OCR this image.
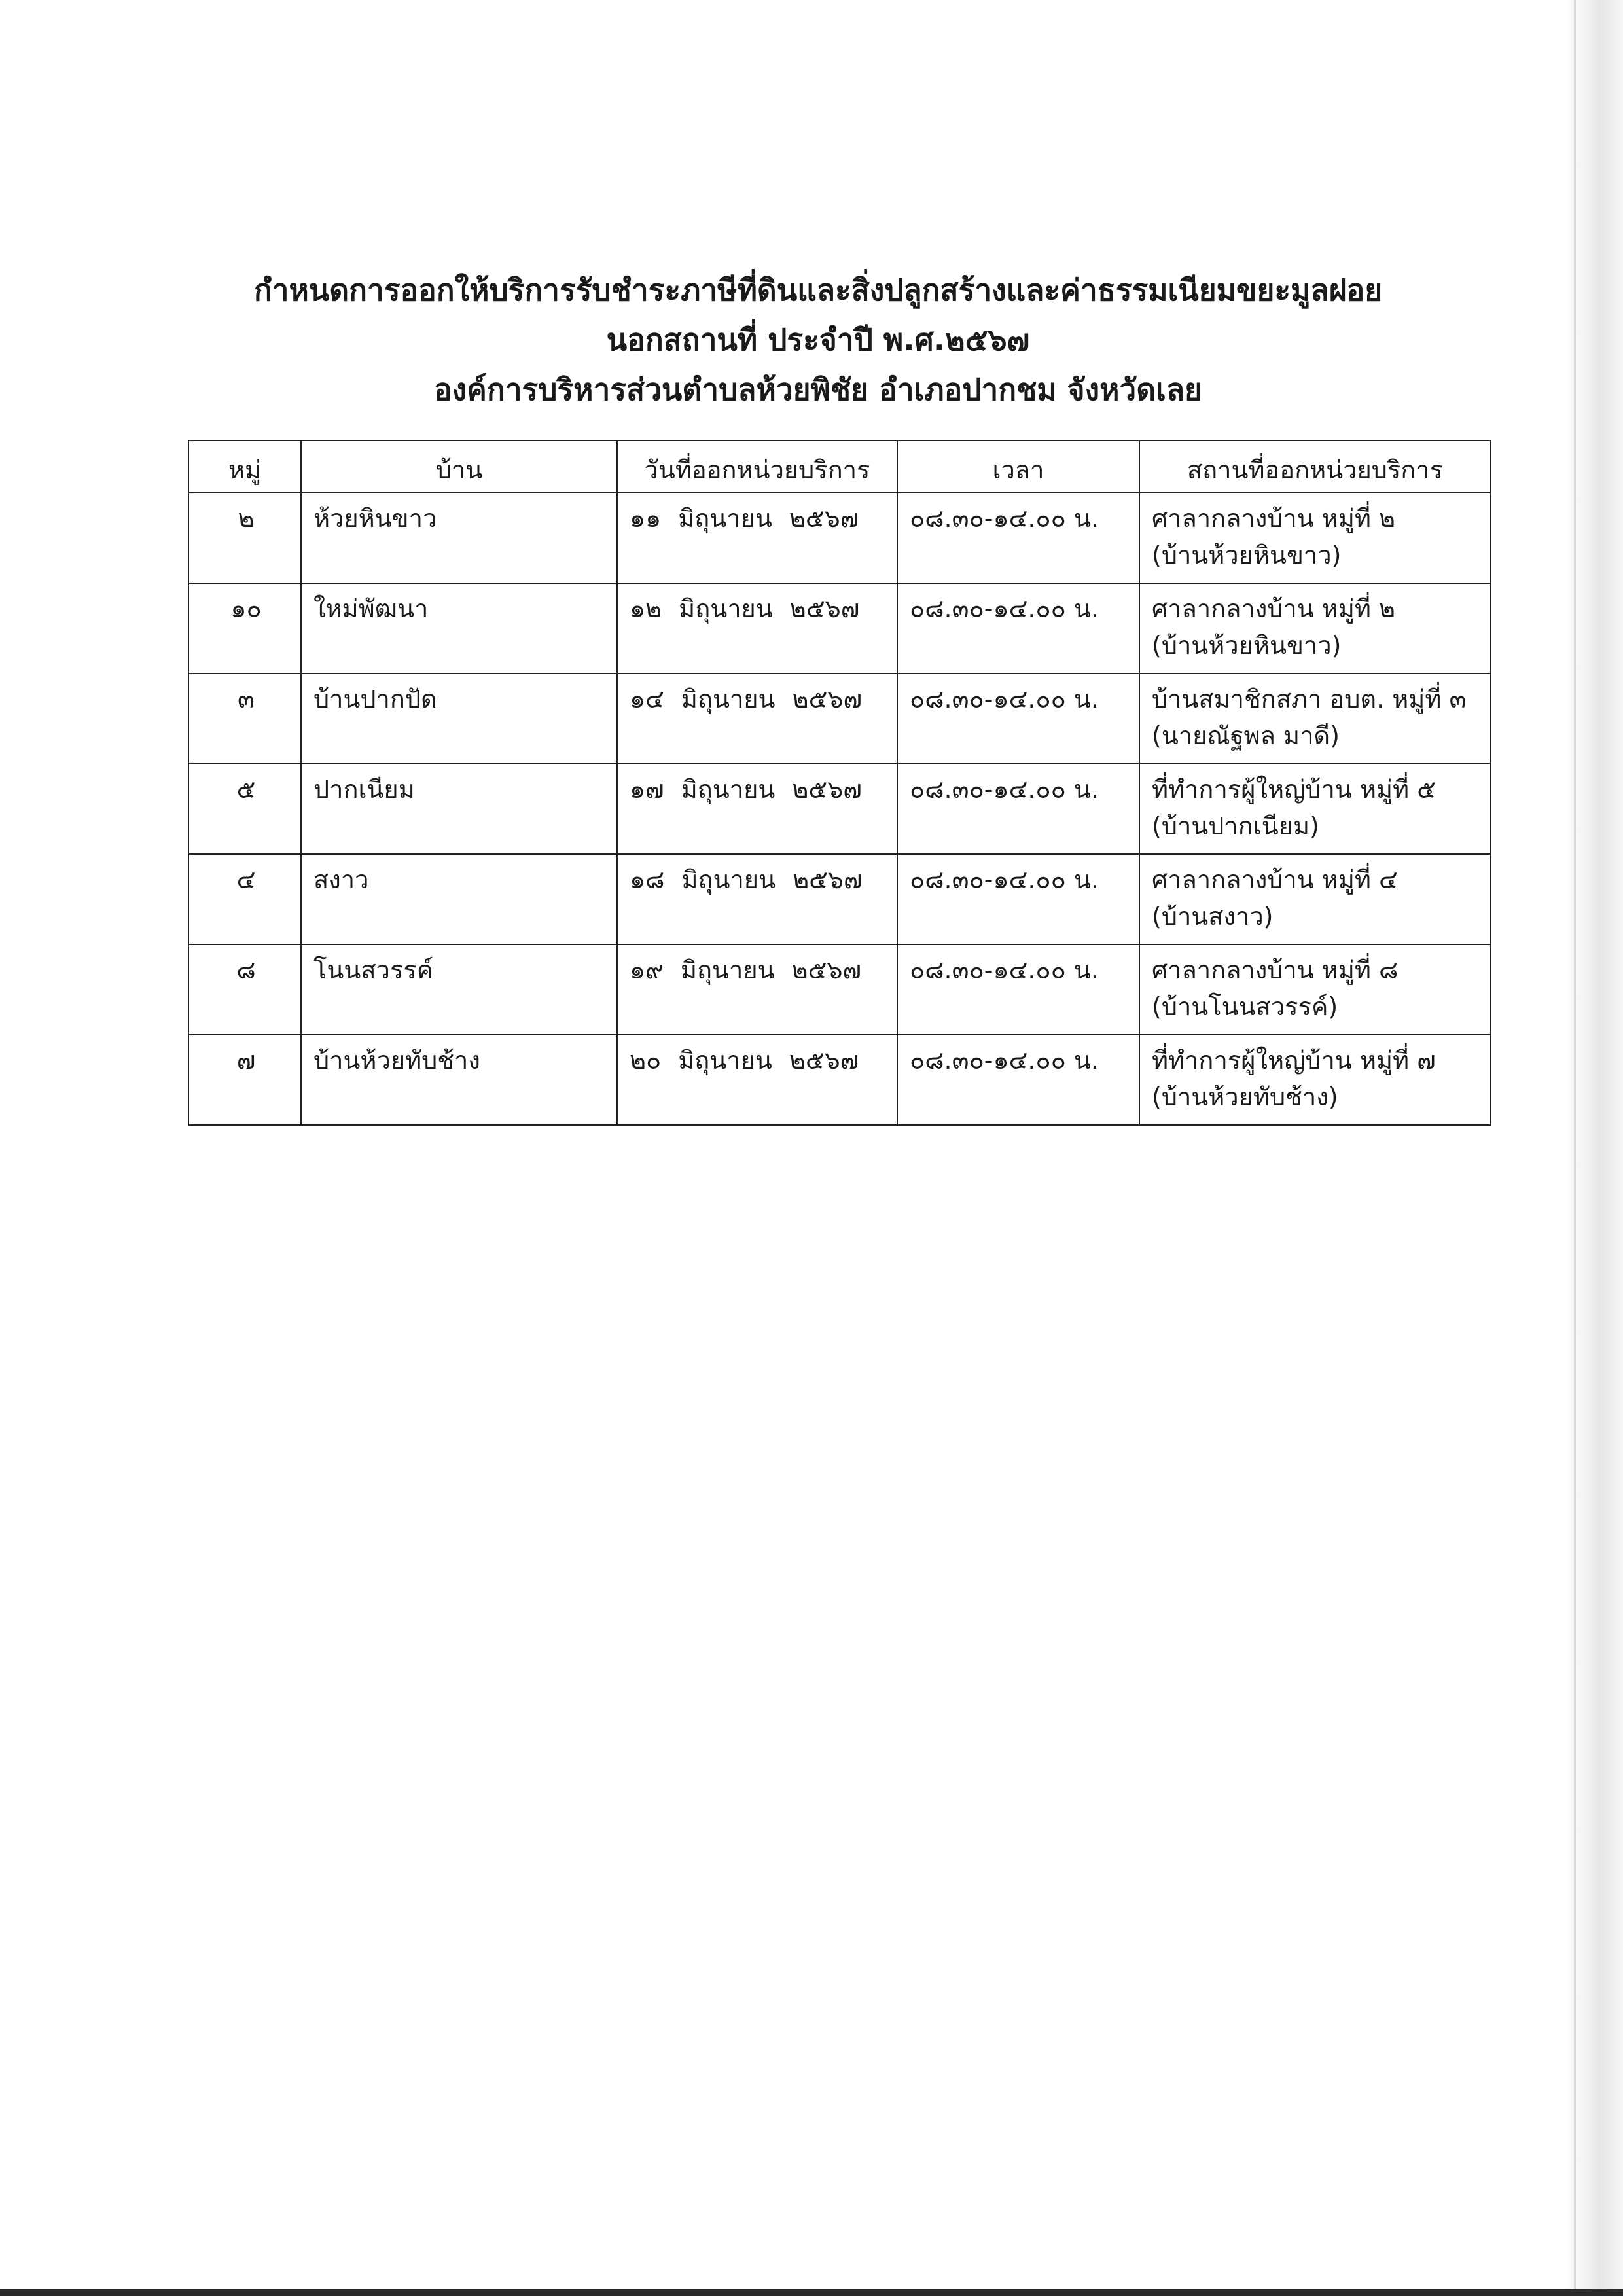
กำหนดการออกให้บริการรับชำระภาษีที่ดินและสิ่งปลูกสร้างและค่าธรรมเนียมขยะมูลฝอย
นอกสถานที่ ประจำปี พ.ศ.๒๕๖๗
องค์การบริหารส่วนตำบลห้วยพิชัย อำเภอปากชม จังหวัดเลย
หมู่	บ้าน	วันที่ออกหน่วยบริการ	เวลา	สถานที่ออกหน่วยบริการ
๒	ห้วยหินขาว	๑๑ มิถุนายน ๒๕๖๗	๐๘.๓๐-๑๔.๐๐ น.	ศาลากลางบ้าน หมู่ที่ ๒
(บ้านห้วยหินขาว)

๑๐	ใหม่พัฒนา	๑๒ มิถุนายน ๒๕๖๗	๐๘.๓๐-๑๔.๐๐ น.	ศาลากลางบ้าน หมู่ที่ ๒
(บ้านห้วยหินขาว)

๓	บ้านปากปัด	๑๔ มิถุนายน ๒๕๖๗	๐๘.๓๐-๑๔.๐๐ น.	บ้านสมาชิกสภา อบต. หมู่ที่ ๓
(นายณัฐพล มาดี)

๕	ปากเนียม	๑๗ มิถุนายน ๒๕๖๗	๐๘.๓๐-๑๔.๐๐ น.	ที่ทำการผู้ใหญ่บ้าน หมู่ที่ ๕
(บ้านปากเนียม)

๔	สงาว	๑๘ มิถุนายน ๒๕๖๗	๐๘.๓๐-๑๔.๐๐ น.	ศาลากลางบ้าน หมู่ที่ ๔
(บ้านสงาว)

๘	โนนสวรรค์	๑๙ มิถุนายน ๒๕๖๗	๐๘.๓๐-๑๔.๐๐ น.	ศาลากลางบ้าน หมู่ที่ ๘
(บ้านโนนสวรรค์)

๗	บ้านห้วยทับช้าง	๒๐ มิถุนายน ๒๕๖๗	๐๘.๓๐-๑๔.๐๐ น.	ที่ทำการผู้ใหญ่บ้าน หมู่ที่ ๗
(บ้านห้วยทับช้าง)
